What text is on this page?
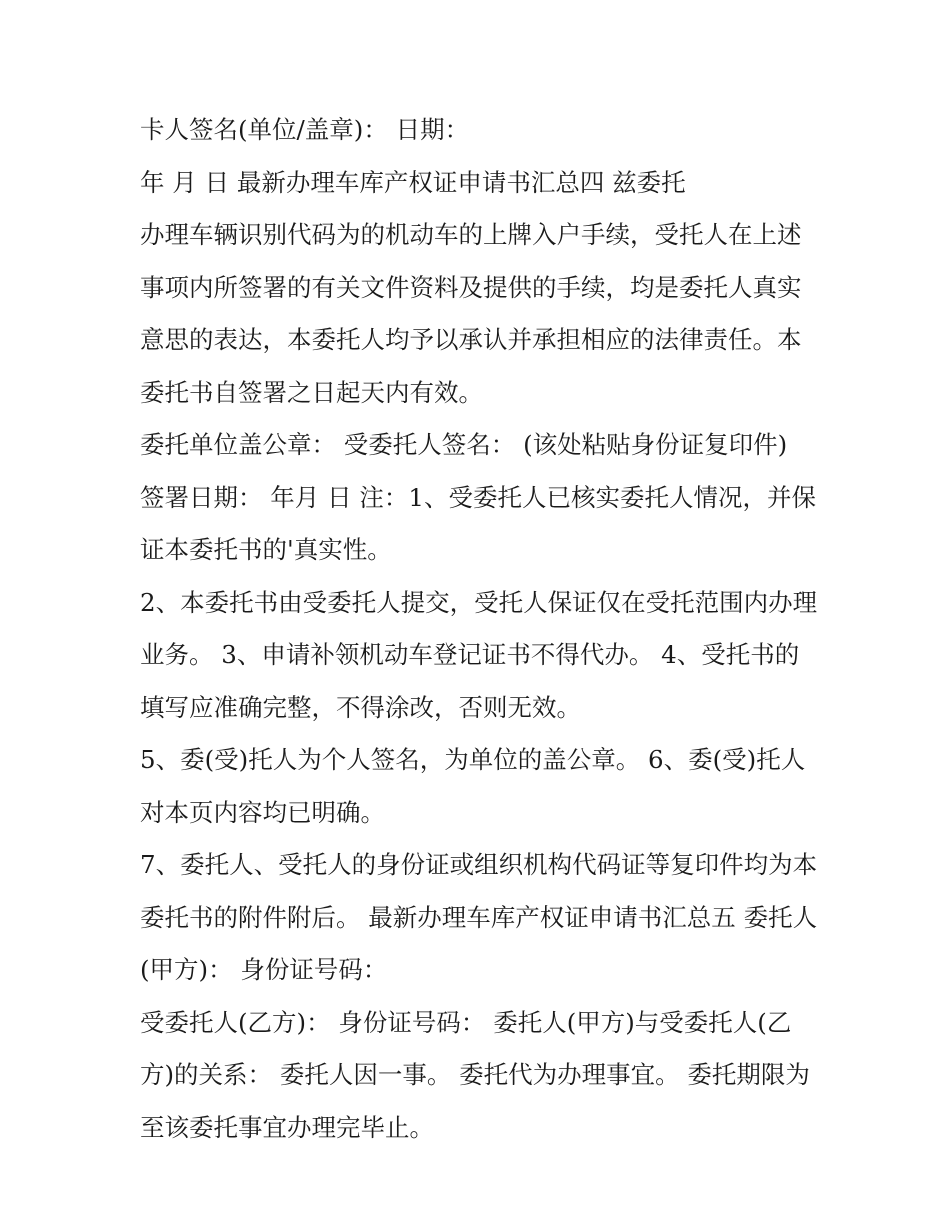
卡人签名(单位/盖章)： 日期：

年 月 日 最新办理车库产权证申请书汇总四 兹委托

办理车辆识别代码为的机动车的上牌入户手续，受托人在上述事项内所签署的有关文件资料及提供的手续，均是委托人真实意思的表达，本委托人均予以承认并承担相应的法律责任。本委托书自签署之日起天内有效。

委托单位盖公章： 受委托人签名： (该处粘贴身份证复印件)

签署日期： 年月 日 注：1、受委托人已核实委托人情况，并保证本委托书的'真实性。

2、本委托书由受委托人提交，受托人保证仅在受托范围内办理业务。 3、申请补领机动车登记证书不得代办。 4、受托书的填写应准确完整，不得涂改，否则无效。

5、委(受)托人为个人签名，为单位的盖公章。 6、委(受)托人对本页内容均已明确。

7、委托人、受托人的身份证或组织机构代码证等复印件均为本委托书的附件附后。 最新办理车库产权证申请书汇总五 委托人(甲方)： 身份证号码：

受委托人(乙方)： 身份证号码： 委托人(甲方)与受委托人(乙方)的关系： 委托人因一事。 委托代为办理事宜。 委托期限为至该委托事宜办理完毕止。
